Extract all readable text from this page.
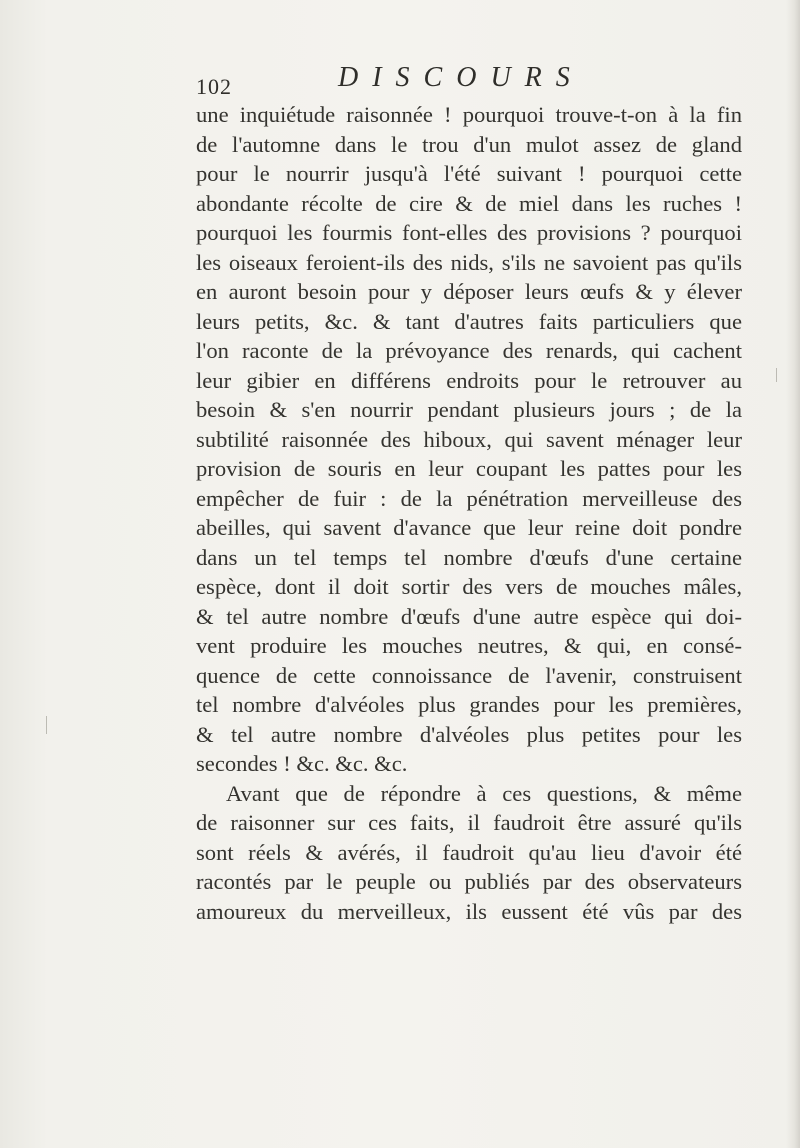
102	DISCOURS
une inquiétude raisonnée ! pourquoi trouve-t-on à la fin
de l'automne dans le trou d'un mulot assez de gland
pour le nourrir jusqu'à l'été suivant ! pourquoi cette
abondante récolte de cire & de miel dans les ruches !
pourquoi les fourmis font-elles des provisions ? pourquoi
les oiseaux feroient-ils des nids, s'ils ne savoient pas qu'ils
en auront besoin pour y déposer leurs œufs & y élever
leurs petits, &c. & tant d'autres faits particuliers que
l'on raconte de la prévoyance des renards, qui cachent
leur gibier en différens endroits pour le retrouver au
besoin & s'en nourrir pendant plusieurs jours ; de la
subtilité raisonnée des hiboux, qui savent ménager leur
provision de souris en leur coupant les pattes pour les
empêcher de fuir : de la pénétration merveilleuse des
abeilles, qui savent d'avance que leur reine doit pondre
dans un tel temps tel nombre d'œufs d'une certaine
espèce, dont il doit sortir des vers de mouches mâles,
& tel autre nombre d'œufs d'une autre espèce qui doi-
vent produire les mouches neutres, & qui, en consé-
quence de cette connoissance de l'avenir, construisent
tel nombre d'alvéoles plus grandes pour les premières,
& tel autre nombre d'alvéoles plus petites pour les
secondes ! &c. &c. &c.
Avant que de répondre à ces questions, & même
de raisonner sur ces faits, il faudroit être assuré qu'ils
sont réels & avérés, il faudroit qu'au lieu d'avoir été
racontés par le peuple ou publiés par des observateurs
amoureux du merveilleux, ils eussent été vûs par des
